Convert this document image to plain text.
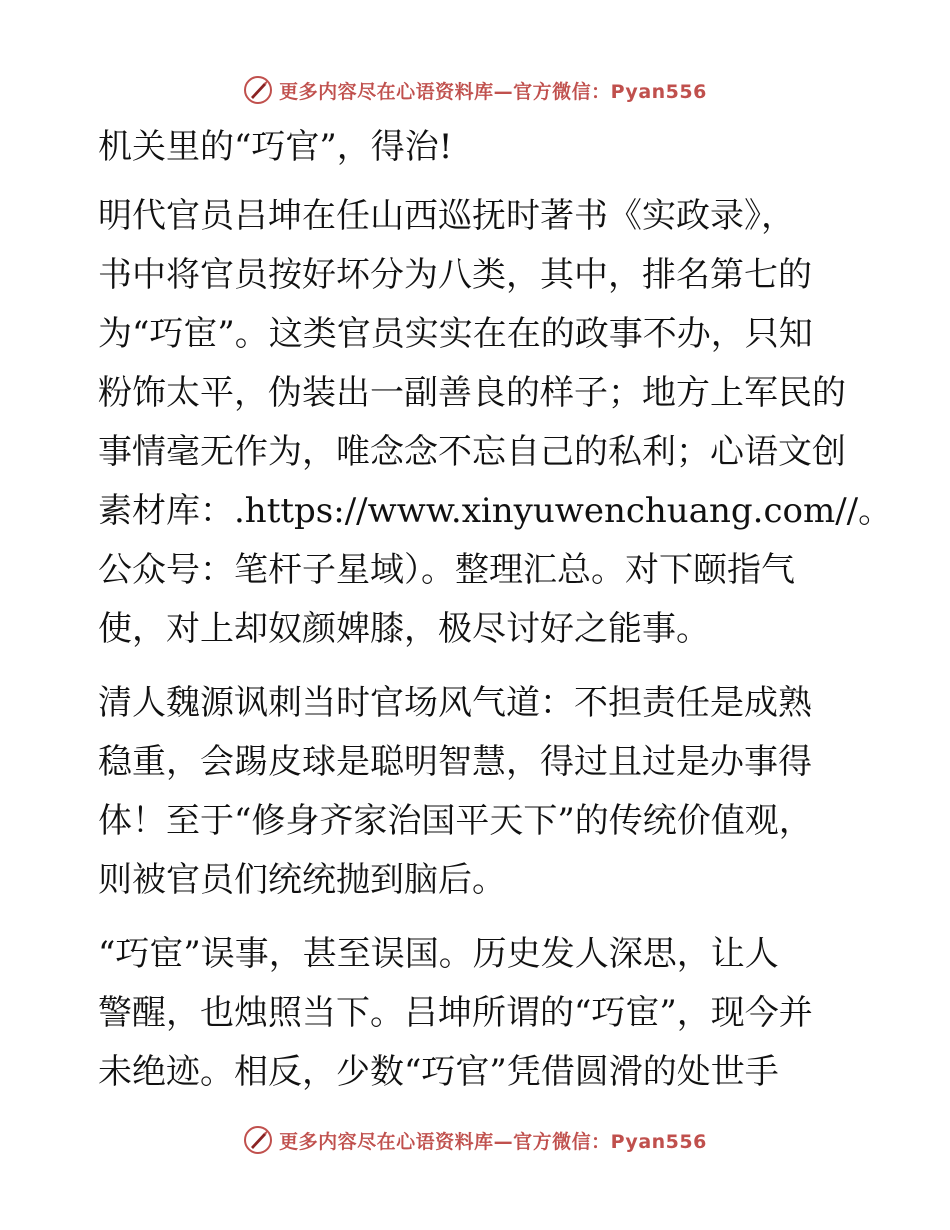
更多内容尽在心语资料库—官方微信：Pyan556
机关里的“巧官”，得治!

明代官员吕坤在任山西巡抚时著书《实政录》，
书中将官员按好坏分为八类，其中，排名第七的
为“巧宦”。这类官员实实在在的政事不办，只知
粉饰太平，伪装出一副善良的样子；地方上军民的
事情毫无作为，唯念念不忘自己的私利；心语文创
素材库：.https://www.xinyuwenchuang.com//。
公众号：笔杆子星域）。整理汇总。对下颐指气
使，对上却奴颜婢膝，极尽讨好之能事。

清人魏源讽刺当时官场风气道：不担责任是成熟
稳重，会踢皮球是聪明智慧，得过且过是办事得
体！至于“修身齐家治国平天下”的传统价值观，
则被官员们统统抛到脑后。

“巧宦”误事，甚至误国。历史发人深思，让人
警醒，也烛照当下。吕坤所谓的“巧宦”，现今并
未绝迹。相反，少数“巧官”凭借圆滑的处世手

更多内容尽在心语资料库—官方微信：Pyan556
